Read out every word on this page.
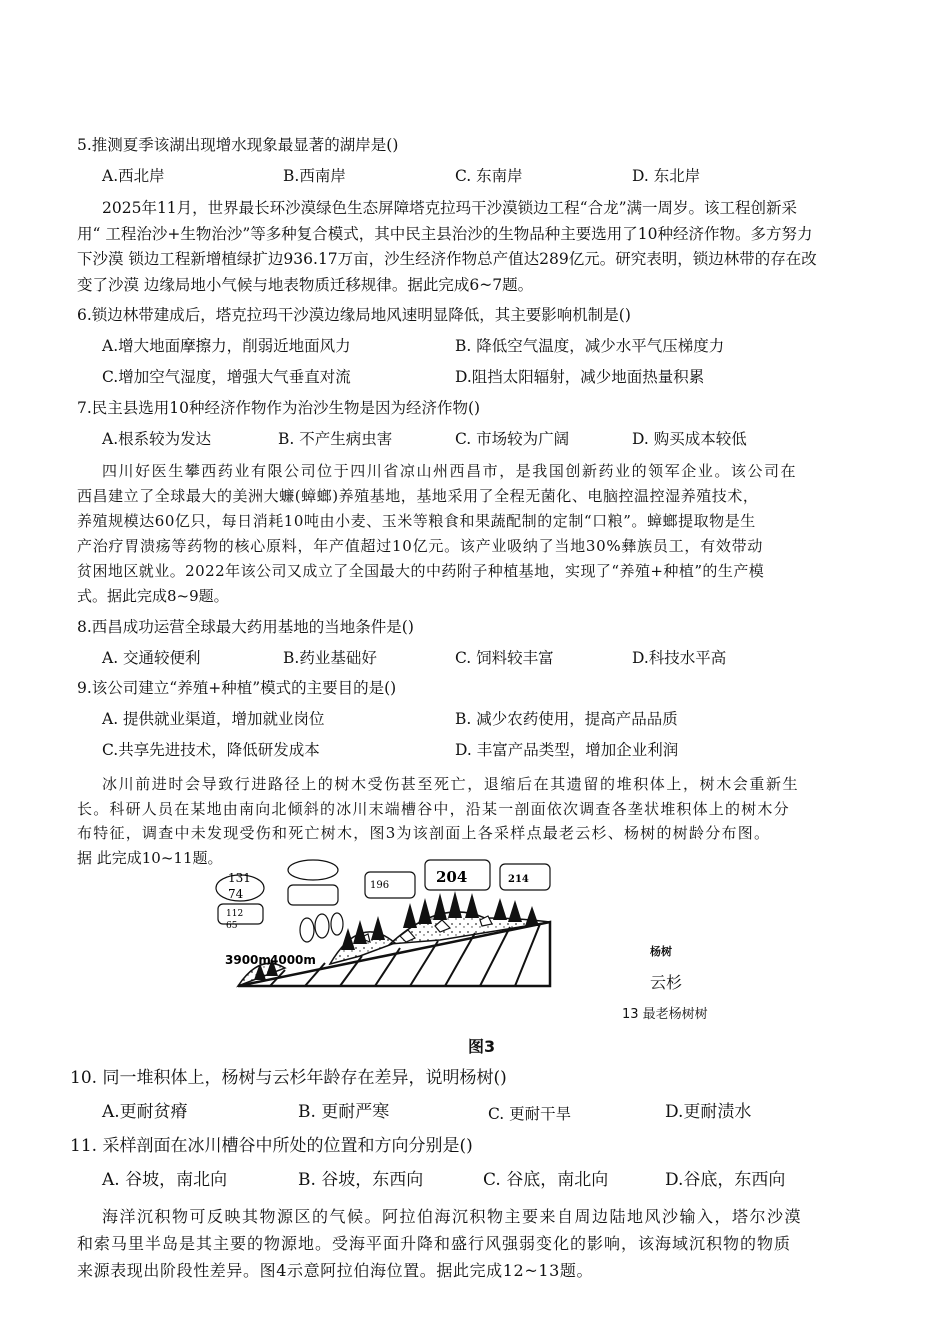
5.推测夏季该湖出现增水现象最显著的湖岸是()
A.西北岸	B.西南岸	C. 东南岸	D. 东北岸
2025年11月，世界最长环沙漠绿色生态屏障塔克拉玛干沙漠锁边工程“合龙”满一周岁。该工程创新采
用“ 工程治沙+生物治沙”等多种复合模式，其中民主县治沙的生物品种主要选用了10种经济作物。多方努力
下沙漠 锁边工程新增植绿扩边936.17万亩，沙生经济作物总产值达289亿元。研究表明，锁边林带的存在改
变了沙漠 边缘局地小气候与地表物质迁移规律。据此完成6~7题。
6.锁边林带建成后，塔克拉玛干沙漠边缘局地风速明显降低，其主要影响机制是()
A.增大地面摩擦力，削弱近地面风力	B. 降低空气温度，减少水平气压梯度力
C.增加空气湿度，增强大气垂直对流	D.阻挡太阳辐射，减少地面热量积累
7.民主县选用10种经济作物作为治沙生物是因为经济作物()
A.根系较为发达	B. 不产生病虫害	C. 市场较为广阔	D. 购买成本较低
四川好医生攀西药业有限公司位于四川省凉山州西昌市，是我国创新药业的领军企业。该公司在
西昌建立了全球最大的美洲大蠊(蟑螂)养殖基地，基地采用了全程无菌化、电脑控温控湿养殖技术，
养殖规模达60亿只，每日消耗10吨由小麦、玉米等粮食和果蔬配制的定制“口粮”。蟑螂提取物是生
产治疗胃溃疡等药物的核心原料，年产值超过10亿元。该产业吸纳了当地30%彝族员工，有效带动
贫困地区就业。2022年该公司又成立了全国最大的中药附子种植基地，实现了“养殖+种植”的生产模
式。据此完成8~9题。
8.西昌成功运营全球最大药用基地的当地条件是()
A. 交通较便利	B.药业基础好	C. 饲料较丰富	D.科技水平高
9.该公司建立“养殖+种植”模式的主要目的是()
A. 提供就业渠道，增加就业岗位	B. 减少农药使用，提高产品品质
C.共享先进技术，降低研发成本	D. 丰富产品类型，增加企业利润
冰川前进时会导致行进路径上的树木受伤甚至死亡，退缩后在其遗留的堆积体上，树木会重新生
长。科研人员在某地由南向北倾斜的冰川末端槽谷中，沿某一剖面依次调查各垄状堆积体上的树木分
布特征，调查中未发现受伤和死亡树木，图3为该剖面上各采样点最老云杉、杨树的树龄分布图。
据 此完成10~11题。
131
74
112
65
196	204	214
3900m 4000m
杨树
云杉
13 最老杨树树
图3
10. 同一堆积体上，杨树与云杉年龄存在差异，说明杨树()
A.更耐贫瘠	B. 更耐严寒	C. 更耐干旱	D.更耐渍水
11. 采样剖面在冰川槽谷中所处的位置和方向分别是()
A. 谷坡，南北向	B. 谷坡，东西向	C. 谷底，南北向	D.谷底，东西向
海洋沉积物可反映其物源区的气候。阿拉伯海沉积物主要来自周边陆地风沙输入，塔尔沙漠
和索马里半岛是其主要的物源地。受海平面升降和盛行风强弱变化的影响，该海域沉积物的物质
来源表现出阶段性差异。图4示意阿拉伯海位置。据此完成12~13题。
